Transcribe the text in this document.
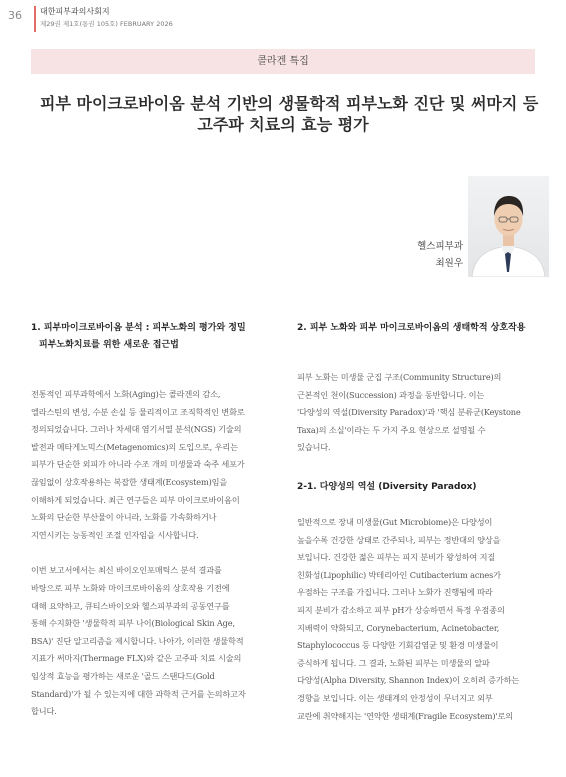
36 대한피부과의사회지
제29권 제1호(통권 105호) FEBRUARY 2026
콜라겐 특집
피부 마이크로바이옴 분석 기반의 생물학적 피부노화 진단 및 써마지 등
고주파 치료의 효능 평가
헬스피부과
최원우
1. 피부마이크로바이옴 분석 : 피부노화의 평가와 정밀
피부노화치료를 위한 새로운 접근법
전통적인 피부과학에서 노화(Aging)는 콜라겐의 감소,
엘라스틴의 변성, 수분 손실 등 물리적이고 조직학적인 변화로
정의되었습니다. 그러나 차세대 염기서열 분석(NGS) 기술의
발전과 메타게노믹스(Metagenomics)의 도입으로, 우리는
피부가 단순한 외피가 아니라 수조 개의 미생물과 숙주 세포가
끊임없이 상호작용하는 복잡한 생태계(Ecosystem)임을
이해하게 되었습니다. 최근 연구들은 피부 마이크로바이옴이
노화의 단순한 부산물이 아니라, 노화를 가속화하거나
지연시키는 능동적인 조절 인자임을 시사합니다.
이번 보고서에서는 최신 바이오인포매틱스 분석 결과를
바탕으로 피부 노화와 마이크로바이옴의 상호작용 기전에
대해 요약하고, 큐티스바이오와 헬스피부과의 공동연구를
통해 수지화한 '생물학적 피부 나이(Biological Skin Age,
BSA)' 진단 알고리즘을 제시합니다. 나아가, 이러한 생물학적
지표가 써마지(Thermage FLX)와 같은 고주파 치료 시술의
임상적 효능을 평가하는 새로운 '골드 스탠다드(Gold
Standard)'가 될 수 있는지에 대한 과학적 근거를 논의하고자
합니다.
2. 피부 노화와 피부 마이크로바이옴의 생태학적 상호작용
피부 노화는 미생물 군집 구조(Community Structure)의
근본적인 천이(Succession) 과정을 동반합니다. 이는
'다양성의 역설(Diversity Paradox)'과 '핵심 분류군(Keystone
Taxa)의 소실'이라는 두 가지 주요 현상으로 설명될 수
있습니다.
2-1. 다양성의 역설 (Diversity Paradox)
일반적으로 장내 미생물(Gut Microbiome)은 다양성이
높을수록 건강한 상태로 간주되나, 피부는 정반대의 양상을
보입니다. 건강한 젊은 피부는 피지 분비가 왕성하여 지질
친화성(Lipophilic) 박테리아인 Cutibacterium acnes가
우점하는 구조를 가집니다. 그러나 노화가 진행됨에 따라
피지 분비가 감소하고 피부 pH가 상승하면서 특정 우점종의
지배력이 약화되고, Corynebacterium, Acinetobacter,
Staphylococcus 등 다양한 기회감염균 및 환경 미생물이
증식하게 됩니다. 그 결과, 노화된 피부는 미생물의 알파
다양성(Alpha Diversity, Shannon Index)이 오히려 증가하는
경향을 보입니다. 이는 생태계의 안정성이 무너지고 외부
교란에 취약해지는 '연약한 생태계(Fragile Ecosystem)'로의
